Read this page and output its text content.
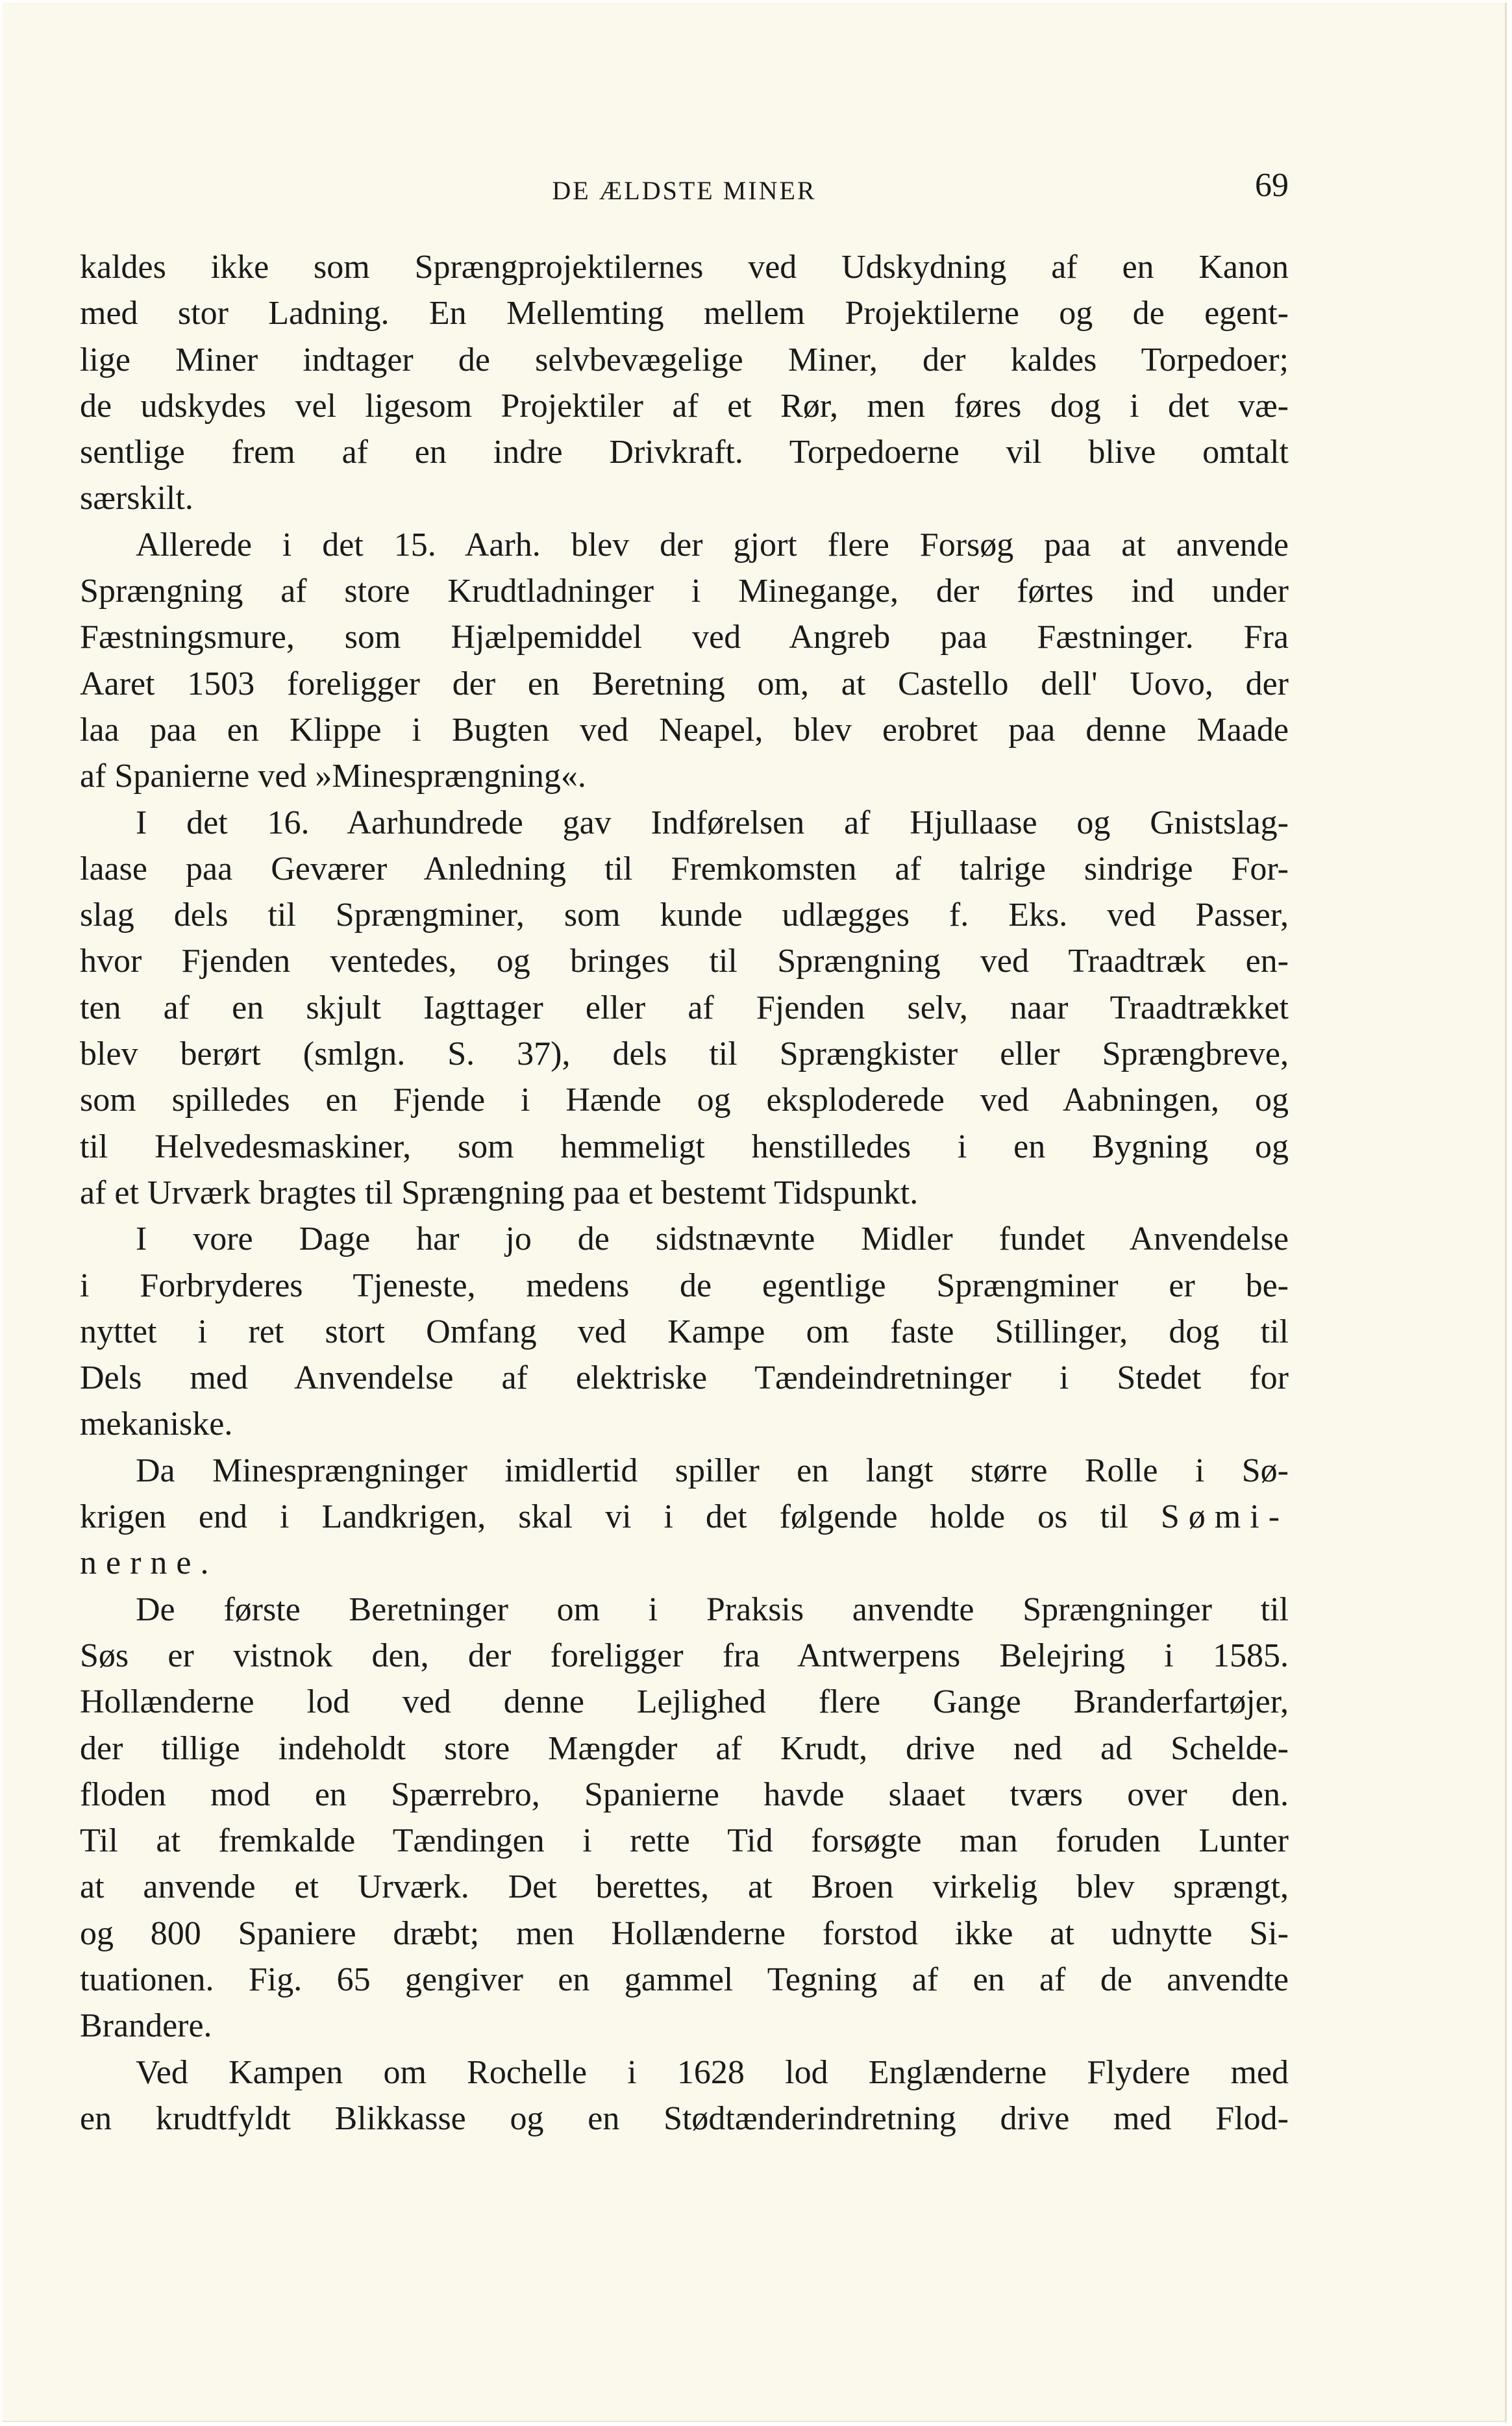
DE ÆLDSTE MINER	69
kaldes ikke som Sprængprojektilernes ved Udskydning af en Kanon
med stor Ladning. En Mellemting mellem Projektilerne og de egent-
lige Miner indtager de selvbevægelige Miner, der kaldes Torpedoer;
de udskydes vel ligesom Projektiler af et Rør, men føres dog i det væ-
sentlige frem af en indre Drivkraft. Torpedoerne vil blive omtalt
særskilt.
Allerede i det 15. Aarh. blev der gjort flere Forsøg paa at anvende
Sprængning af store Krudtladninger i Minegange, der førtes ind under
Fæstningsmure, som Hjælpemiddel ved Angreb paa Fæstninger. Fra
Aaret 1503 foreligger der en Beretning om, at Castello dell' Uovo, der
laa paa en Klippe i Bugten ved Neapel, blev erobret paa denne Maade
af Spanierne ved »Minesprængning«.
I det 16. Aarhundrede gav Indførelsen af Hjullaase og Gnistslag-
laase paa Geværer Anledning til Fremkomsten af talrige sindrige For-
slag dels til Sprængminer, som kunde udlægges f. Eks. ved Passer,
hvor Fjenden ventedes, og bringes til Sprængning ved Traadtræk en-
ten af en skjult Iagttager eller af Fjenden selv, naar Traadtrækket
blev berørt (smlgn. S. 37), dels til Sprængkister eller Sprængbreve,
som spilledes en Fjende i Hænde og eksploderede ved Aabningen, og
til Helvedesmaskiner, som hemmeligt henstilledes i en Bygning og
af et Urværk bragtes til Sprængning paa et bestemt Tidspunkt.
I vore Dage har jo de sidstnævnte Midler fundet Anvendelse
i Forbryderes Tjeneste, medens de egentlige Sprængminer er be-
nyttet i ret stort Omfang ved Kampe om faste Stillinger, dog til
Dels med Anvendelse af elektriske Tændeindretninger i Stedet for
mekaniske.
Da Minesprængninger imidlertid spiller en langt større Rolle i Sø-
krigen end i Landkrigen, skal vi i det følgende holde os til Sømi-
nerne.
De første Beretninger om i Praksis anvendte Sprængninger til
Søs er vistnok den, der foreligger fra Antwerpens Belejring i 1585.
Hollænderne lod ved denne Lejlighed flere Gange Branderfartøjer,
der tillige indeholdt store Mængder af Krudt, drive ned ad Schelde-
floden mod en Spærrebro, Spanierne havde slaaet tværs over den.
Til at fremkalde Tændingen i rette Tid forsøgte man foruden Lunter
at anvende et Urværk. Det berettes, at Broen virkelig blev sprængt,
og 800 Spaniere dræbt; men Hollænderne forstod ikke at udnytte Si-
tuationen. Fig. 65 gengiver en gammel Tegning af en af de anvendte
Brandere.
Ved Kampen om Rochelle i 1628 lod Englænderne Flydere med
en krudtfyldt Blikkasse og en Stødtænderindretning drive med Flod-
